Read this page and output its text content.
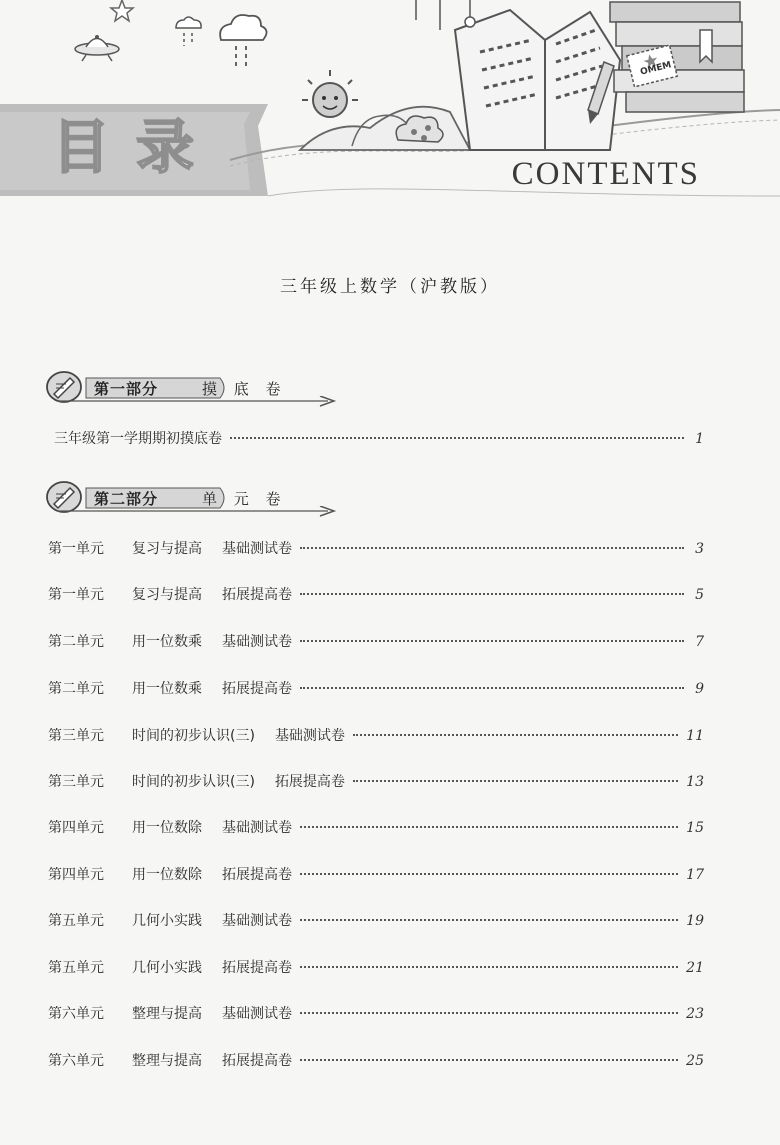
目录	CONTENTS
OMEM
三年级上数学（沪教版）
第一部分	摸 底 卷
三年级第一学期期初摸底卷	1
第二部分	单 元 卷
第一单元	复习与提高 基础测试卷	3
第一单元	复习与提高 拓展提高卷	5
第二单元	用一位数乘 基础测试卷	7
第二单元	用一位数乘 拓展提高卷	9
第三单元	时间的初步认识(三) 基础测试卷	11
第三单元	时间的初步认识(三) 拓展提高卷	13
第四单元	用一位数除 基础测试卷	15
第四单元	用一位数除 拓展提高卷	17
第五单元	几何小实践 基础测试卷	19
第五单元	几何小实践 拓展提高卷	21
第六单元	整理与提高 基础测试卷	23
第六单元	整理与提高 拓展提高卷	25
